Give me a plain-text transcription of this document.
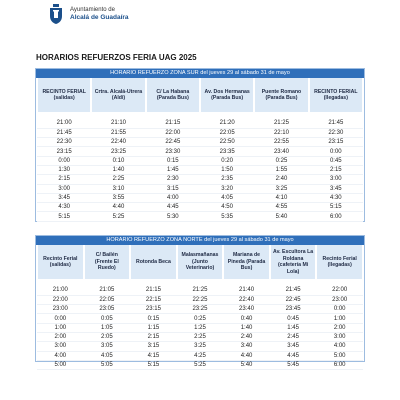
Ayuntamiento de
Alcalá de Guadaíra
HORARIOS REFUERZOS FERIA UAG 2025
HORARIO REFUERZO ZONA SUR del jueves 29 al sábado 31 de mayo
RECINTO FERIAL (salidas)	Crtra. Alcalá-Utrera (Aldi)	C/ La Habana (Parada Bus)	Av. Dos Hermanas (Parada Bus)	Puente Romano (Parada Bus)	RECINTO FERIAL (llegadas)

21:00	21:10	21:15	21:20	21:25	21:45
21:45	21:55	22:00	22:05	22:10	22:30
22:30	22:40	22:45	22:50	22:55	23:15
23:15	23:25	23:30	23:35	23:40	0:00
0:00	0:10	0:15	0:20	0:25	0:45
1:30	1:40	1:45	1:50	1:55	2:15
2:15	2:25	2:30	2:35	2:40	3:00
3:00	3:10	3:15	3:20	3:25	3:45
3:45	3:55	4:00	4:05	4:10	4:30
4:30	4:40	4:45	4:50	4:55	5:15
5:15	5:25	5:30	5:35	5:40	6:00
HORARIO REFUERZO ZONA NORTE del jueves 29 al sábado 31 de mayo
Recinto Ferial (salidas)	C/ Bailén (Frente El Ruedo)	Rotonda Beca	Malasmañanas (Junto Veterinario)	Mariana de Pineda (Parada Bus)	Av. Escultora La Roldana (cafetería Mi Lola)	Recinto Ferial (llegadas)

21:00	21:05	21:15	21:25	21:40	21:45	22:00
22:00	22:05	22:15	22:25	22:40	22:45	23:00
23:00	23:05	23:15	23:25	23:40	23:45	0:00
0:00	0:05	0:15	0:25	0:40	0:45	1:00
1:00	1:05	1:15	1:25	1:40	1:45	2:00
2:00	2:05	2:15	2:25	2:40	2:45	3:00
3:00	3:05	3:15	3:25	3:40	3:45	4:00
4:00	4:05	4:15	4:25	4:40	4:45	5:00
5:00	5:05	5:15	5:25	5:40	5:45	6:00
